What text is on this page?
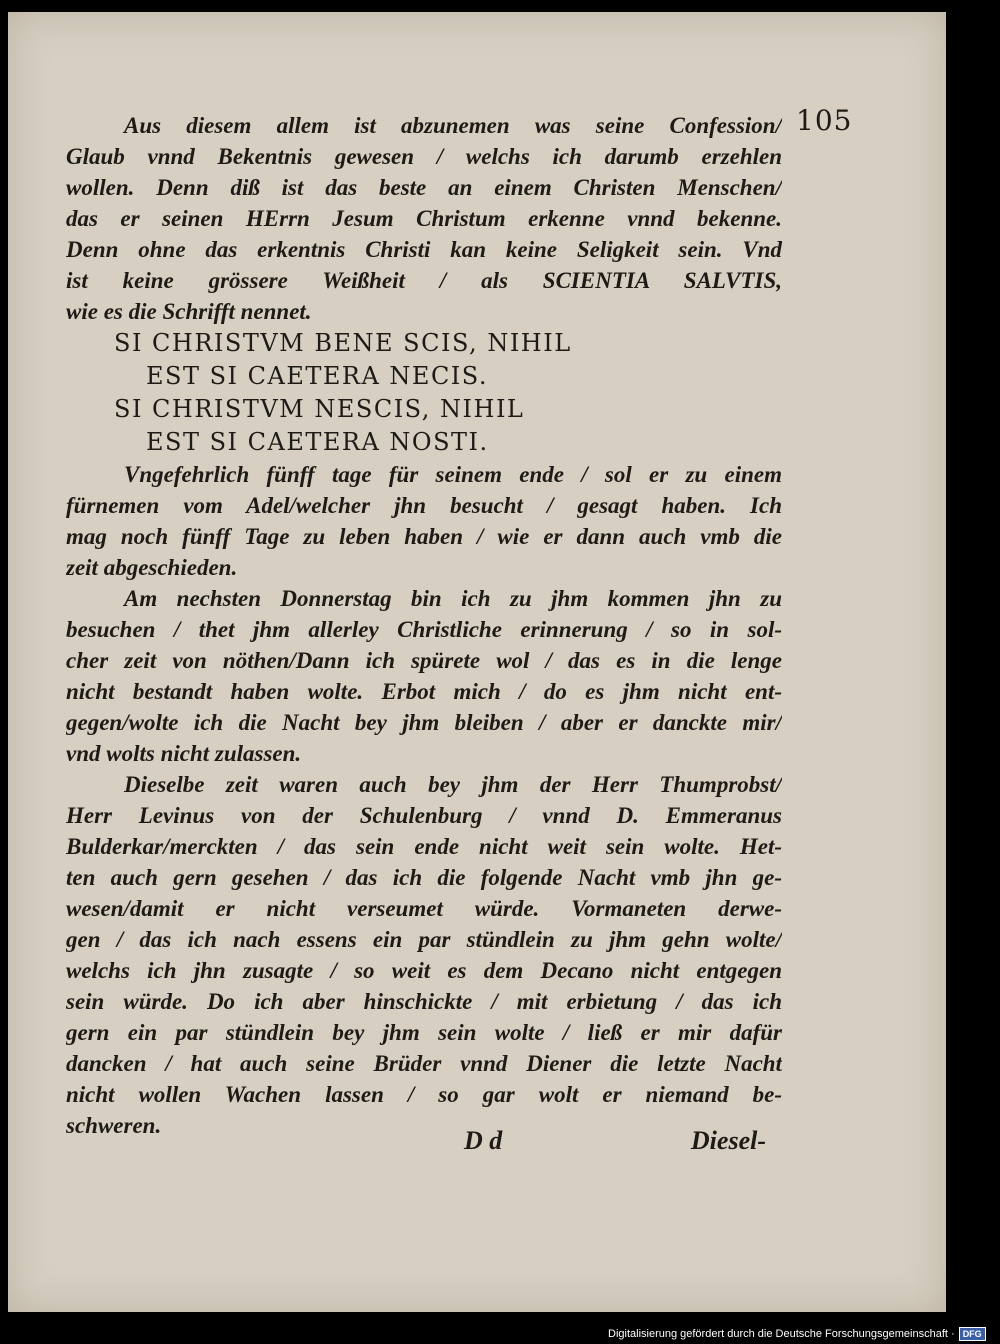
105
Aus diesem allem ist abzunemen was seine Confession/
Glaub vnnd Bekentnis gewesen / welchs ich darumb erzehlen
wollen. Denn diß ist das beste an einem Christen Menschen/
das er seinen HErrn Jesum Christum erkenne vnnd bekenne.
Denn ohne das erkentnis Christi kan keine Seligkeit sein. Vnd
ist keine grössere Weißheit / als SCIENTIA SALVTIS,
wie es die Schrifft nennet.
SI CHRISTVM BENE SCIS, NIHIL
EST SI CAETERA NECIS.
SI CHRISTVM NESCIS, NIHIL
EST SI CAETERA NOSTI.
Vngefehrlich fünff tage für seinem ende / sol er zu einem
fürnemen vom Adel/welcher jhn besucht / gesagt haben. Ich
mag noch fünff Tage zu leben haben / wie er dann auch vmb die
zeit abgeschieden.
Am nechsten Donnerstag bin ich zu jhm kommen jhn zu
besuchen / thet jhm allerley Christliche erinnerung / so in sol-
cher zeit von nöthen/Dann ich spürete wol / das es in die lenge
nicht bestandt haben wolte. Erbot mich / do es jhm nicht ent-
gegen/wolte ich die Nacht bey jhm bleiben / aber er danckte mir/
vnd wolts nicht zulassen.
Dieselbe zeit waren auch bey jhm der Herr Thumprobst/
Herr Levinus von der Schulenburg / vnnd D. Emmeranus
Bulderkar/merckten / das sein ende nicht weit sein wolte. Het-
ten auch gern gesehen / das ich die folgende Nacht vmb jhn ge-
wesen/damit er nicht verseumet würde. Vormaneten derwe-
gen / das ich nach essens ein par stündlein zu jhm gehn wolte/
welchs ich jhn zusagte / so weit es dem Decano nicht entgegen
sein würde. Do ich aber hinschickte / mit erbietung / das ich
gern ein par stündlein bey jhm sein wolte / ließ er mir dafür
dancken / hat auch seine Brüder vnnd Diener die letzte Nacht
nicht wollen Wachen lassen / so gar wolt er niemand be-
schweren.
D d	Diesel-
Digitalisierung gefördert durch die Deutsche Forschungsgemeinschaft · DFG
